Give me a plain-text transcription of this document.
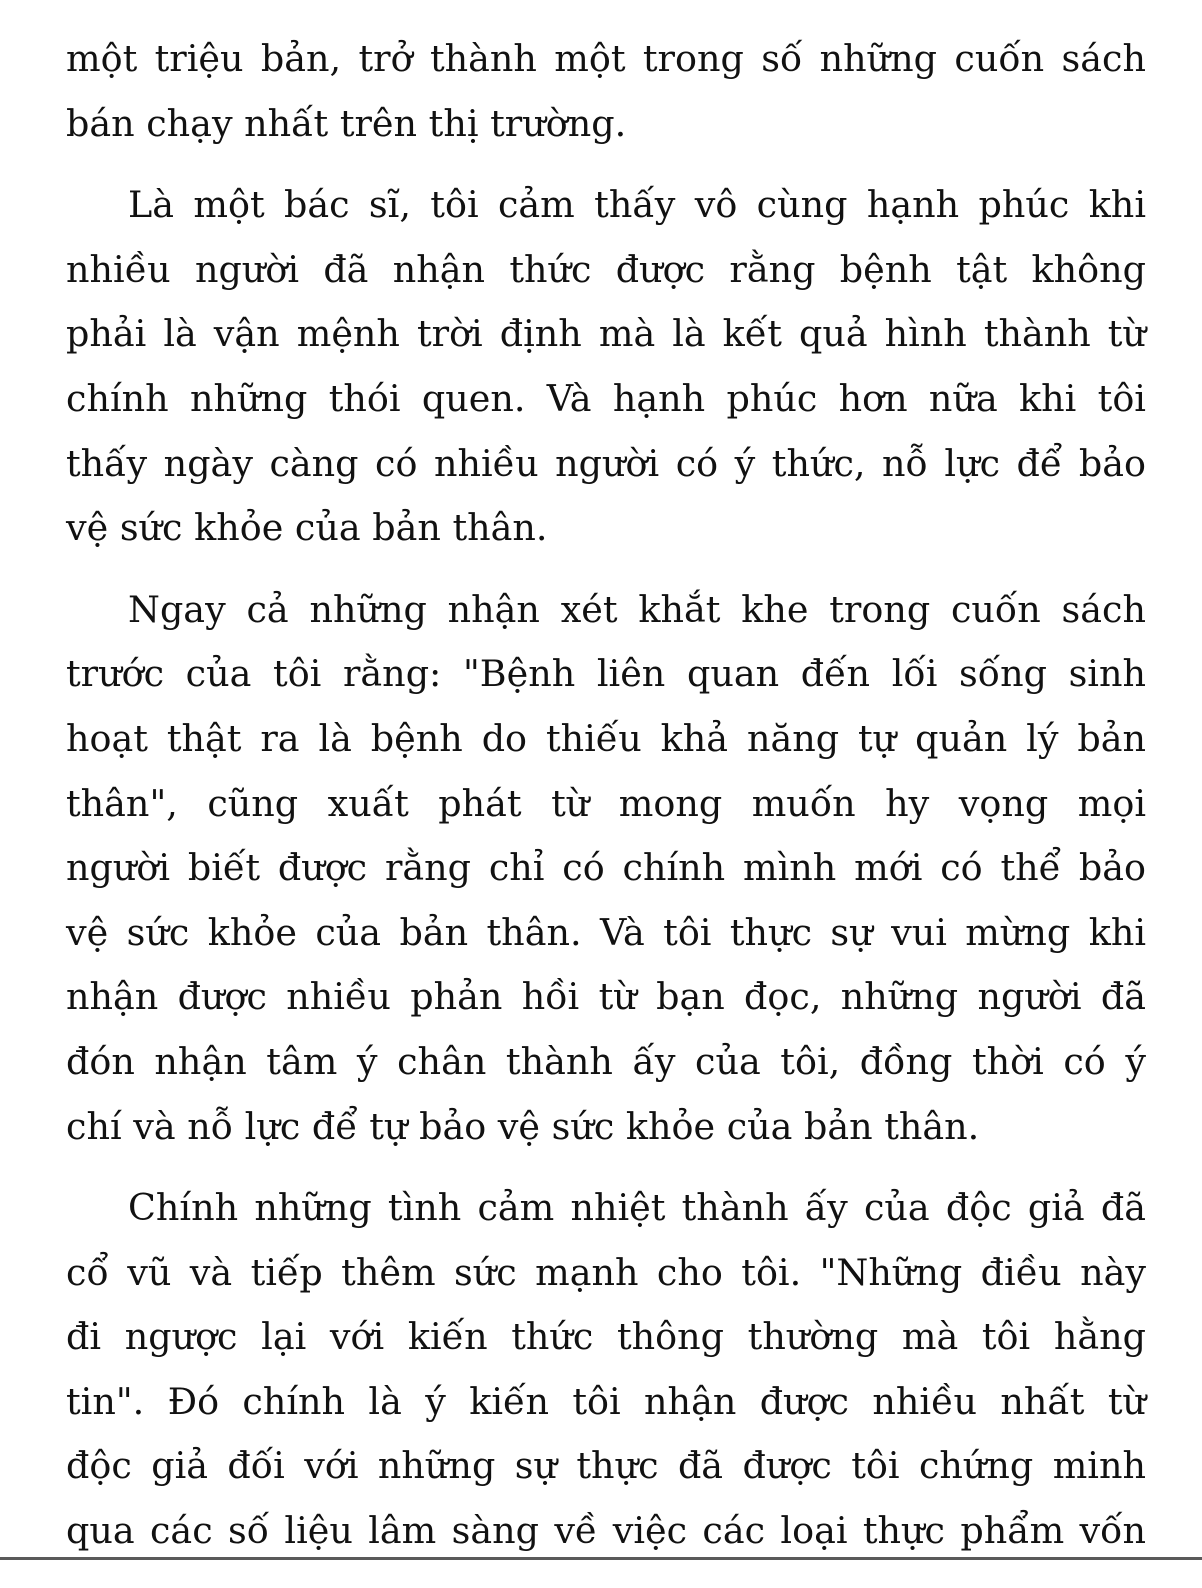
một triệu bản, trở thành một trong số những cuốn sách
bán chạy nhất trên thị trường.

Là một bác sĩ, tôi cảm thấy vô cùng hạnh phúc khi
nhiều người đã nhận thức được rằng bệnh tật không
phải là vận mệnh trời định mà là kết quả hình thành từ
chính những thói quen. Và hạnh phúc hơn nữa khi tôi
thấy ngày càng có nhiều người có ý thức, nỗ lực để bảo
vệ sức khỏe của bản thân.

Ngay cả những nhận xét khắt khe trong cuốn sách
trước của tôi rằng: "Bệnh liên quan đến lối sống sinh
hoạt thật ra là bệnh do thiếu khả năng tự quản lý bản
thân", cũng xuất phát từ mong muốn hy vọng mọi
người biết được rằng chỉ có chính mình mới có thể bảo
vệ sức khỏe của bản thân. Và tôi thực sự vui mừng khi
nhận được nhiều phản hồi từ bạn đọc, những người đã
đón nhận tâm ý chân thành ấy của tôi, đồng thời có ý
chí và nỗ lực để tự bảo vệ sức khỏe của bản thân.

Chính những tình cảm nhiệt thành ấy của độc giả đã
cổ vũ và tiếp thêm sức mạnh cho tôi. "Những điều này
đi ngược lại với kiến thức thông thường mà tôi hằng
tin". Đó chính là ý kiến tôi nhận được nhiều nhất từ
độc giả đối với những sự thực đã được tôi chứng minh
qua các số liệu lâm sàng về việc các loại thực phẩm vốn
